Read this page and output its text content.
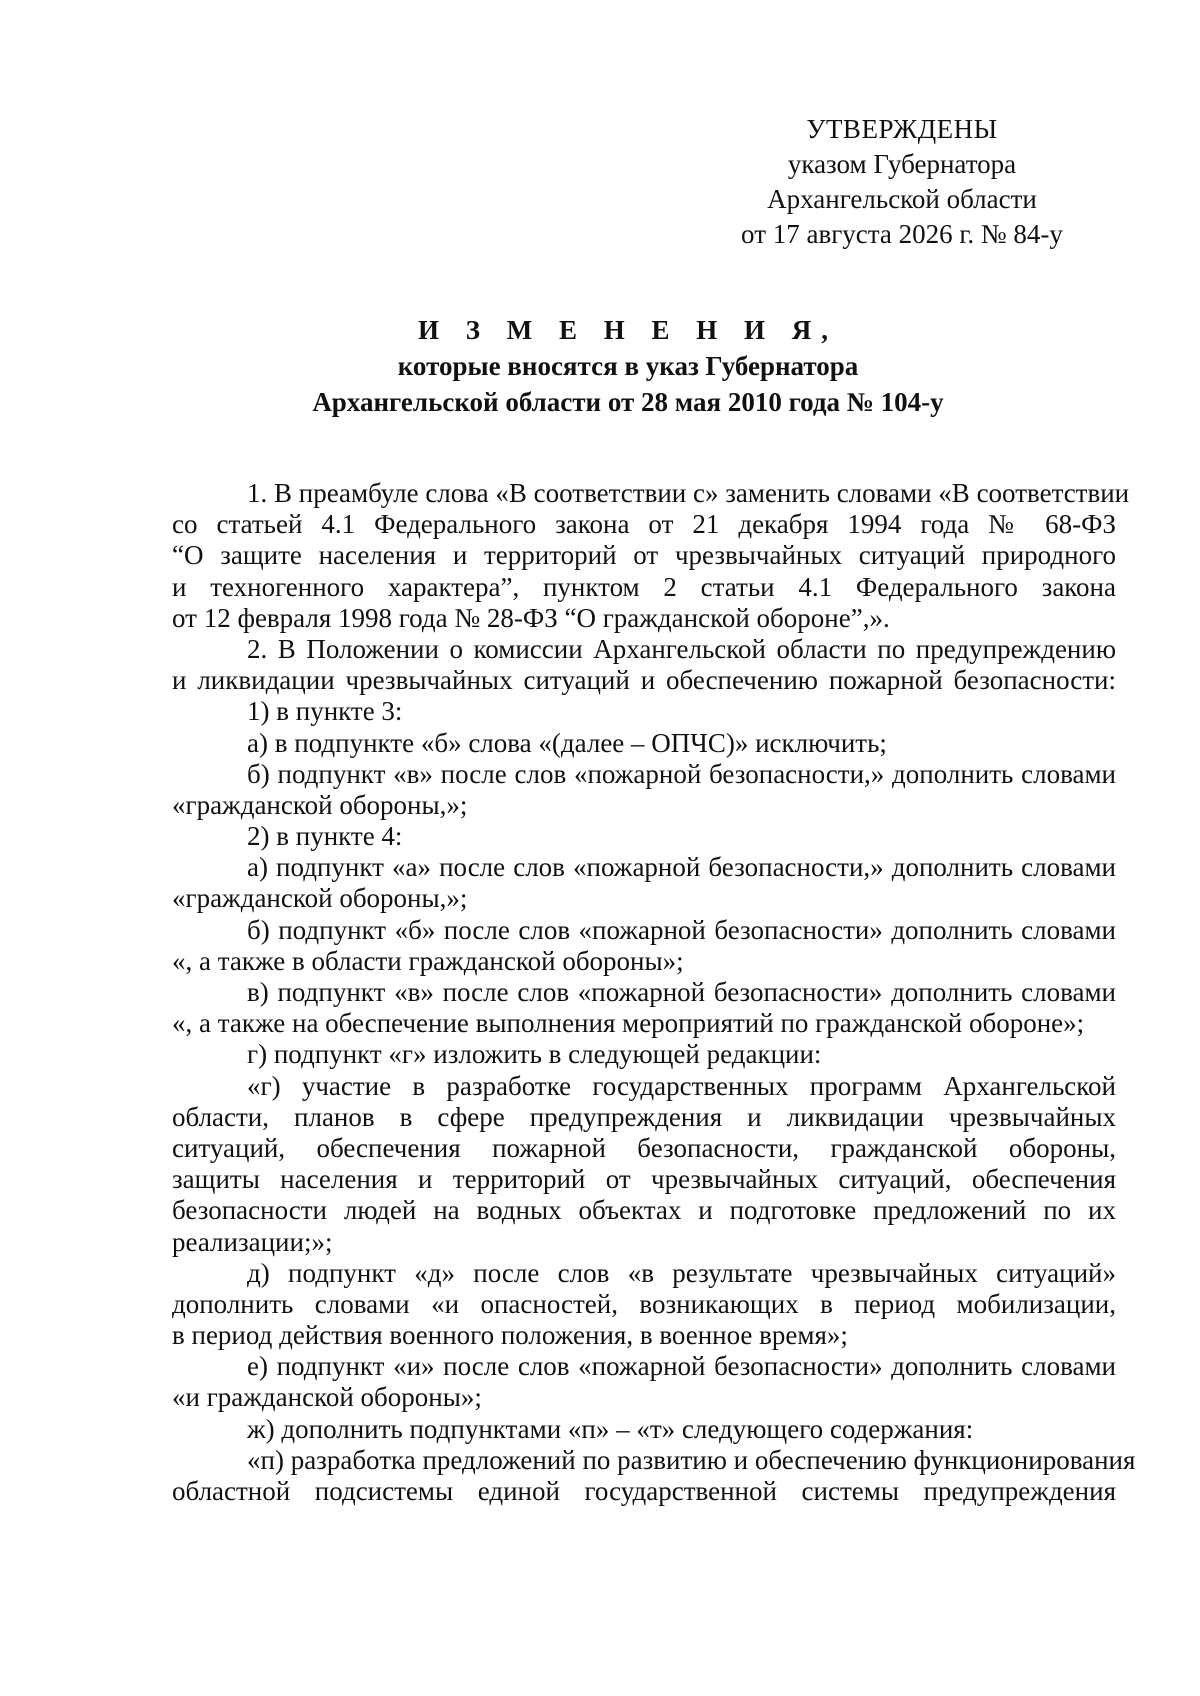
УТВЕРЖДЕНЫ
указом Губернатора
Архангельской области
от 17 августа 2026 г. № 84-у
И З М Е Н Е Н И Я,
которые вносятся в указ Губернатора
Архангельской области от 28 мая 2010 года № 104-у
1. В преамбуле слова «В соответствии с» заменить словами «В соответствии
со статьей 4.1 Федерального закона от 21 декабря 1994 года № 68-ФЗ
“О защите населения и территорий от чрезвычайных ситуаций природного
и техногенного характера”, пунктом 2 статьи 4.1 Федерального закона
от 12 февраля 1998 года № 28-ФЗ “О гражданской обороне”,».
2. В Положении о комиссии Архангельской области по предупреждению
и ликвидации чрезвычайных ситуаций и обеспечению пожарной безопасности:
1) в пункте 3:
а) в подпункте «б» слова «(далее – ОПЧС)» исключить;
б) подпункт «в» после слов «пожарной безопасности,» дополнить словами
«гражданской обороны,»;
2) в пункте 4:
а) подпункт «а» после слов «пожарной безопасности,» дополнить словами
«гражданской обороны,»;
б) подпункт «б» после слов «пожарной безопасности» дополнить словами
«, а также в области гражданской обороны»;
в) подпункт «в» после слов «пожарной безопасности» дополнить словами
«, а также на обеспечение выполнения мероприятий по гражданской обороне»;
г) подпункт «г» изложить в следующей редакции:
«г) участие в разработке государственных программ Архангельской
области, планов в сфере предупреждения и ликвидации чрезвычайных
ситуаций, обеспечения пожарной безопасности, гражданской обороны,
защиты населения и территорий от чрезвычайных ситуаций, обеспечения
безопасности людей на водных объектах и подготовке предложений по их
реализации;»;
д) подпункт «д» после слов «в результате чрезвычайных ситуаций»
дополнить словами «и опасностей, возникающих в период мобилизации,
в период действия военного положения, в военное время»;
е) подпункт «и» после слов «пожарной безопасности» дополнить словами
«и гражданской обороны»;
ж) дополнить подпунктами «п» – «т» следующего содержания:
«п) разработка предложений по развитию и обеспечению функционирования
областной подсистемы единой государственной системы предупреждения
